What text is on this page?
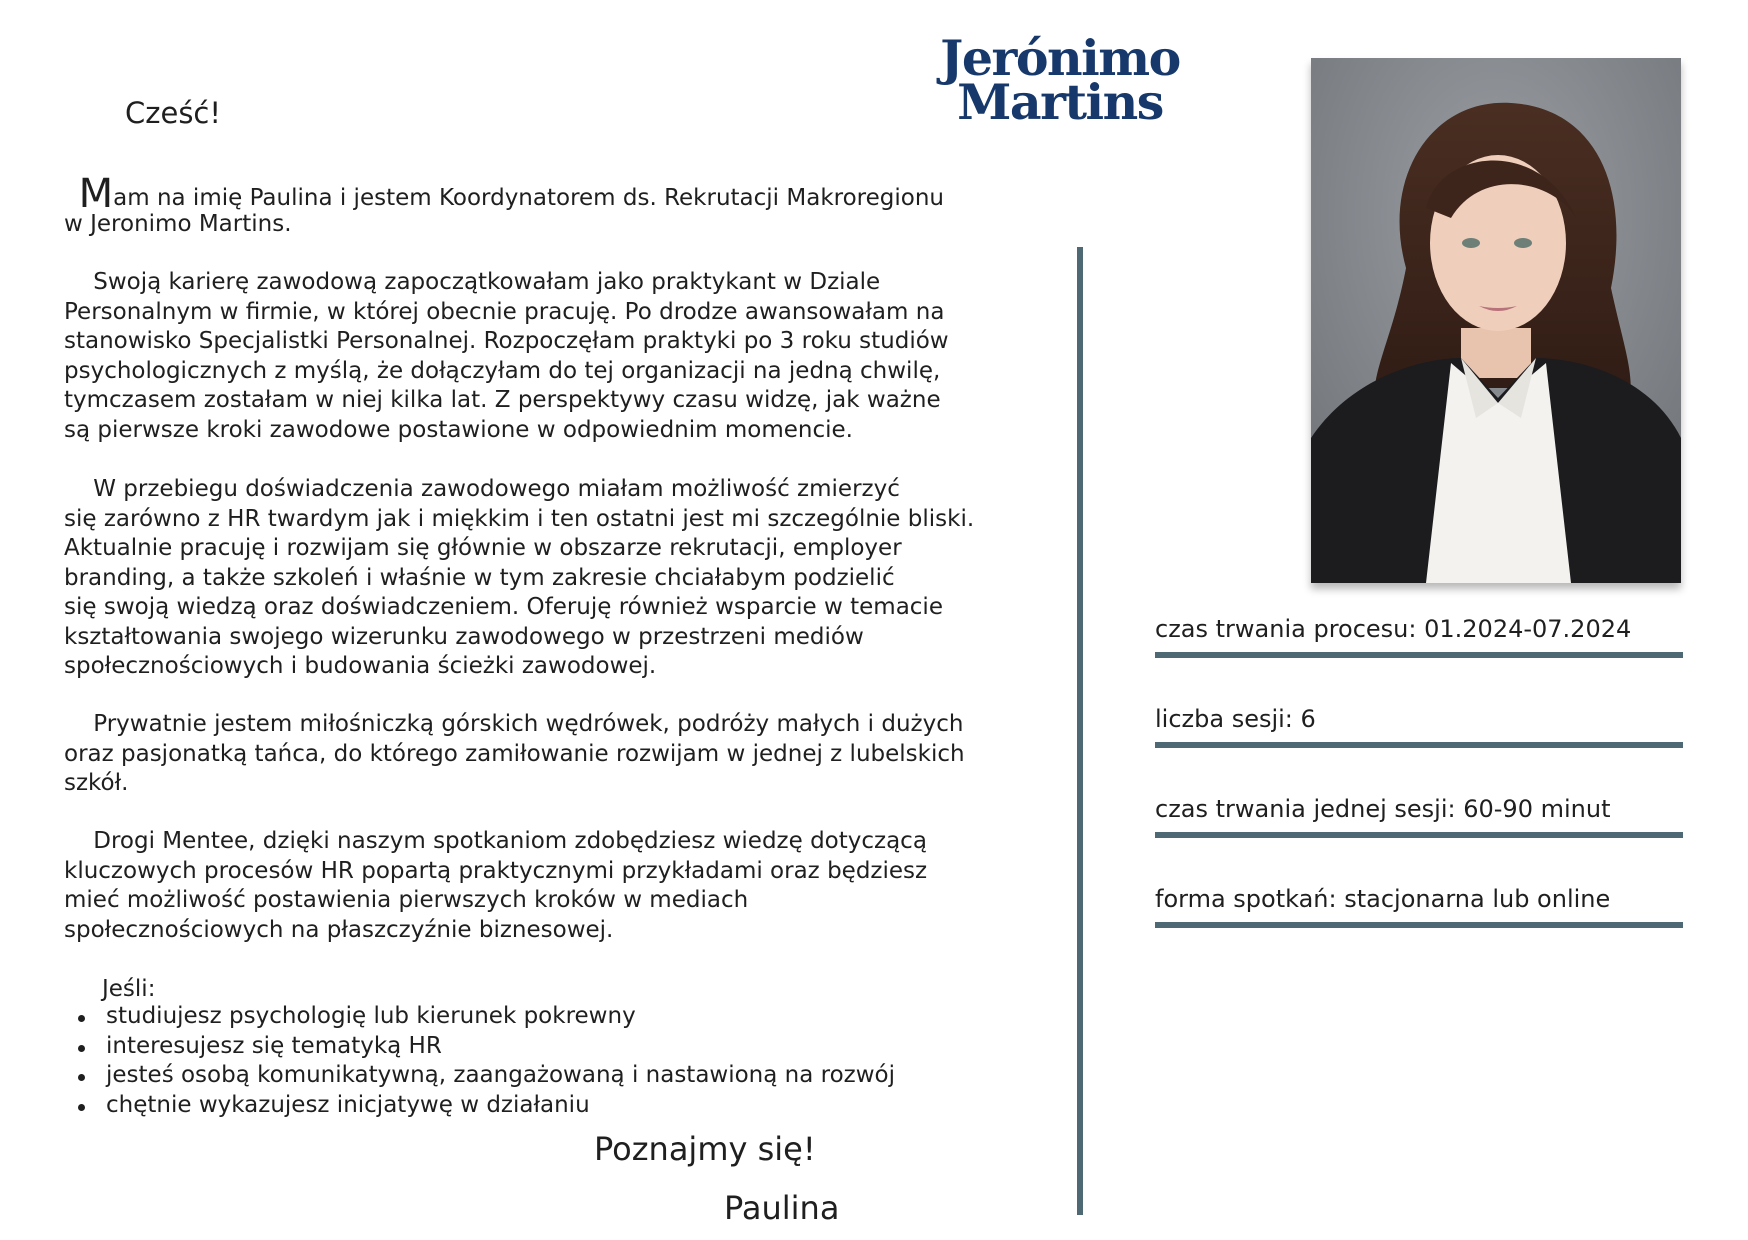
Jerónimo
Martins
Cześć!
Mam na imię Paulina i jestem Koordynatorem ds. Rekrutacji Makroregionu
w Jeronimo Martins.
Swoją karierę zawodową zapoczątkowałam jako praktykant w Dziale
Personalnym w firmie, w której obecnie pracuję. Po drodze awansowałam na
stanowisko Specjalistki Personalnej. Rozpoczęłam praktyki po 3 roku studiów
psychologicznych z myślą, że dołączyłam do tej organizacji na jedną chwilę,
tymczasem zostałam w niej kilka lat. Z perspektywy czasu widzę, jak ważne
są pierwsze kroki zawodowe postawione w odpowiednim momencie.
W przebiegu doświadczenia zawodowego miałam możliwość zmierzyć
się zarówno z HR twardym jak i miękkim i ten ostatni jest mi szczególnie bliski.
Aktualnie pracuję i rozwijam się głównie w obszarze rekrutacji, employer
branding, a także szkoleń i właśnie w tym zakresie chciałabym podzielić
się swoją wiedzą oraz doświadczeniem. Oferuję również wsparcie w temacie
kształtowania swojego wizerunku zawodowego w przestrzeni mediów
społecznościowych i budowania ścieżki zawodowej.
Prywatnie jestem miłośniczką górskich wędrówek, podróży małych i dużych
oraz pasjonatką tańca, do którego zamiłowanie rozwijam w jednej z lubelskich
szkół.
Drogi Mentee, dzięki naszym spotkaniom zdobędziesz wiedzę dotyczącą
kluczowych procesów HR popartą praktycznymi przykładami oraz będziesz
mieć możliwość postawienia pierwszych kroków w mediach
społecznościowych na płaszczyźnie biznesowej.
Jeśli:
studiujesz psychologię lub kierunek pokrewny
interesujesz się tematyką HR
jesteś osobą komunikatywną, zaangażowaną i nastawioną na rozwój
chętnie wykazujesz inicjatywę w działaniu
Poznajmy się!
Paulina
czas trwania procesu: 01.2024-07.2024
liczba sesji: 6
czas trwania jednej sesji: 60-90 minut
forma spotkań: stacjonarna lub online
